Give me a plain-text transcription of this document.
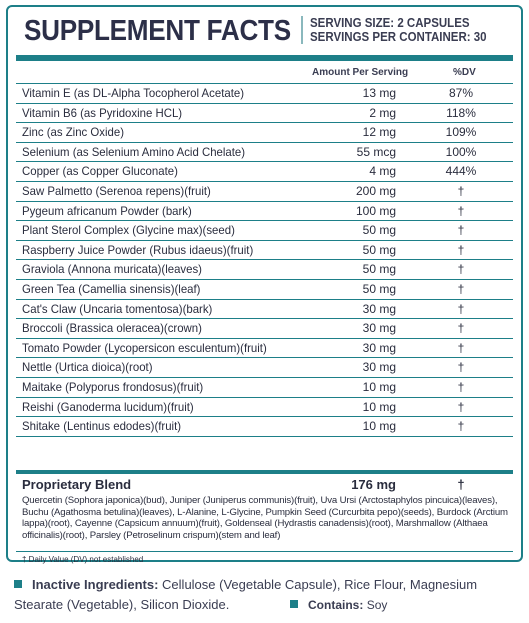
SUPPLEMENT FACTS SERVING SIZE: 2 CAPSULES
SERVINGS PER CONTAINER: 30
Amount Per Serving	%DV
Vitamin E (as DL-Alpha Tocopherol Acetate)	13 mg	87%
Vitamin B6 (as Pyridoxine HCL)	2 mg	118%
Zinc (as Zinc Oxide)	12 mg	109%
Selenium (as Selenium Amino Acid Chelate)	55 mcg	100%
Copper (as Copper Gluconate)	4 mg	444%
Saw Palmetto (Serenoa repens)(fruit)	200 mg	†
Pygeum africanum Powder (bark)	100 mg	†
Plant Sterol Complex (Glycine max)(seed)	50 mg	†
Raspberry Juice Powder (Rubus idaeus)(fruit)	50 mg	†
Graviola (Annona muricata)(leaves)	50 mg	†
Green Tea (Camellia sinensis)(leaf)	50 mg	†
Cat's Claw (Uncaria tomentosa)(bark)	30 mg	†
Broccoli (Brassica oleracea)(crown)	30 mg	†
Tomato Powder (Lycopersicon esculentum)(fruit)	30 mg	†
Nettle (Urtica dioica)(root)	30 mg	†
Maitake (Polyporus frondosus)(fruit)	10 mg	†
Reishi (Ganoderma lucidum)(fruit)	10 mg	†
Shitake (Lentinus edodes)(fruit)	10 mg	†
Proprietary Blend	176 mg	†
Quercetin (Sophora japonica)(bud), Juniper (Juniperus communis)(fruit), Uva Ursi (Arctostaphylos pincuica)(leaves), Buchu (Agathosma betulina)(leaves), L-Alanine, L-Glycine, Pumpkin Seed (Curcurbita pepo)(seeds), Burdock (Arctium lappa)(root), Cayenne (Capsicum annuum)(fruit), Goldenseal (Hydrastis canadensis)(root), Marshmallow (Althaea officinalis)(root), Parsley (Petroselinum crispum)(stem and leaf)
† Daily Value (DV) not established
Inactive Ingredients: Cellulose (Vegetable Capsule), Rice Flour, Magnesium Stearate (Vegetable), Silicon Dioxide.	Contains: Soy
